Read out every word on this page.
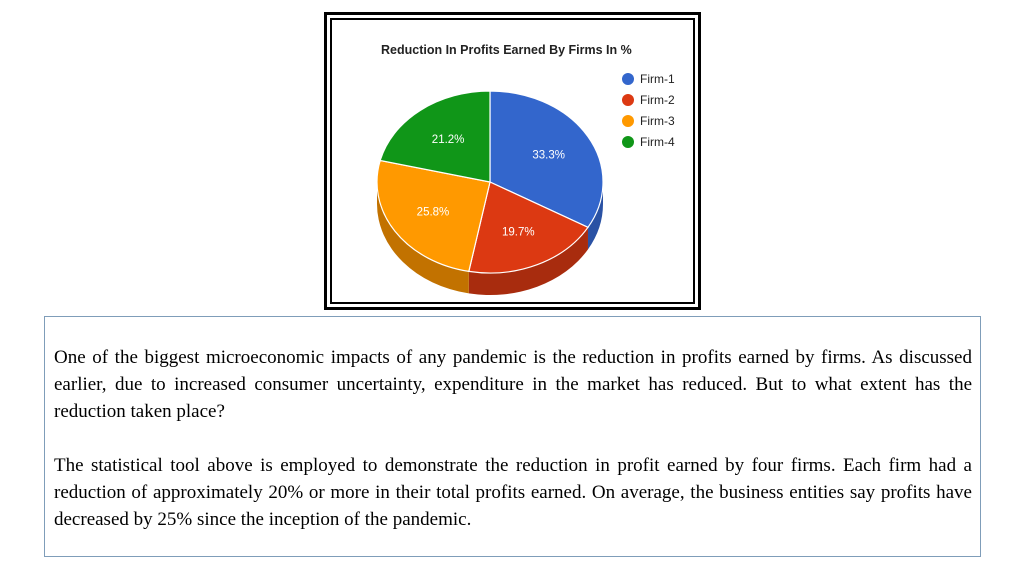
Reduction In Profits Earned By Firms In %
33.3%
19.7%
25.8%
21.2%
Firm-1
Firm-2
Firm-3
Firm-4

One of the biggest microeconomic impacts of any pandemic is the reduction in profits earned by firms. As discussed earlier, due to increased consumer uncertainty, expenditure in the market has reduced. But to what extent has the reduction taken place?

The statistical tool above is employed to demonstrate the reduction in profit earned by four firms. Each firm had a reduction of approximately 20% or more in their total profits earned. On average, the business entities say profits have decreased by 25% since the inception of the pandemic.
